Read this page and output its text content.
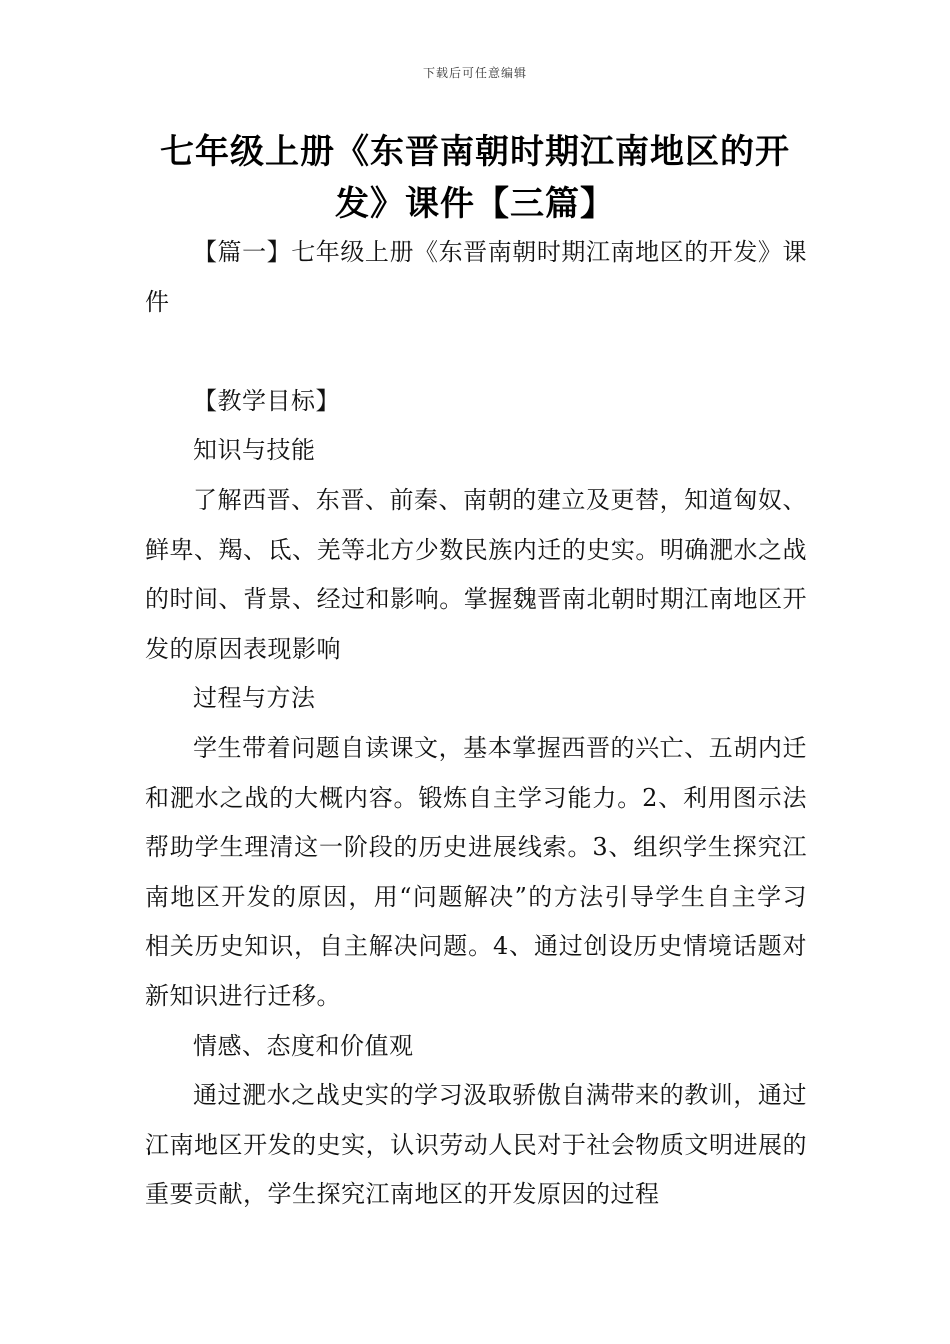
下载后可任意编辑
七年级上册《东晋南朝时期江南地区的开发》课件【三篇】

【篇一】七年级上册《东晋南朝时期江南地区的开发》课件

【教学目标】

知识与技能

了解西晋、东晋、前秦、南朝的建立及更替，知道匈奴、鲜卑、羯、氐、羌等北方少数民族内迁的史实。明确淝水之战的时间、背景、经过和影响。掌握魏晋南北朝时期江南地区开发的原因表现影响

过程与方法

学生带着问题自读课文，基本掌握西晋的兴亡、五胡内迁和淝水之战的大概内容。锻炼自主学习能力。2、利用图示法帮助学生理清这一阶段的历史进展线索。3、组织学生探究江南地区开发的原因，用“问题解决”的方法引导学生自主学习相关历史知识，自主解决问题。4、通过创设历史情境话题对新知识进行迁移。

情感、态度和价值观

通过淝水之战史实的学习汲取骄傲自满带来的教训，通过江南地区开发的史实，认识劳动人民对于社会物质文明进展的重要贡献，学生探究江南地区的开发原因的过程
